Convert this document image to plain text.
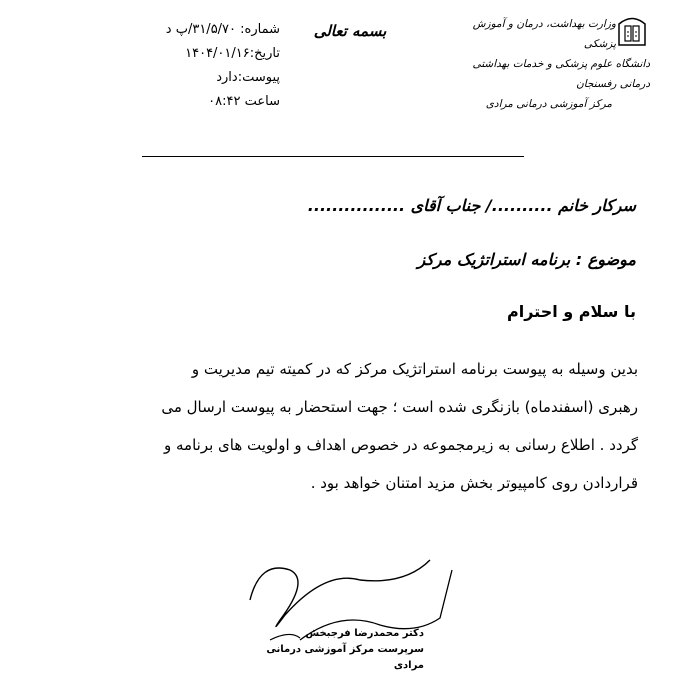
شماره: ۳۱/۵/۷۰/پ د
تاریخ:۱۴۰۴/۰۱/۱۶
پیوست:دارد
ساعت ۰۸:۴۲
بسمه تعالی	وزارت بهداشت، درمان و آموزش پزشکی
دانشگاه علوم پزشکی و خدمات بهداشتی درمانی رفسنجان
مرکز آموزشی درمانی مرادی
سرکار خانم ........../ جناب آقای ................
موضوع : برنامه استراتژیک مرکز
با سلام و احترام
بدین وسیله به پیوست برنامه استراتژیک مرکز که در کمیته تیم مدیریت و
رهبری (اسفندماه) بازنگری شده است ؛ جهت استحضار به پیوست ارسال می
گردد . اطلاع رسانی به زیرمجموعه در خصوص اهداف و اولویت های برنامه و
قراردادن روی کامپیوتر بخش مزید امتنان خواهد بود .
دکتر محمدرضا فرجبخش
سرپرست مرکز آموزشی درمانی مرادی
